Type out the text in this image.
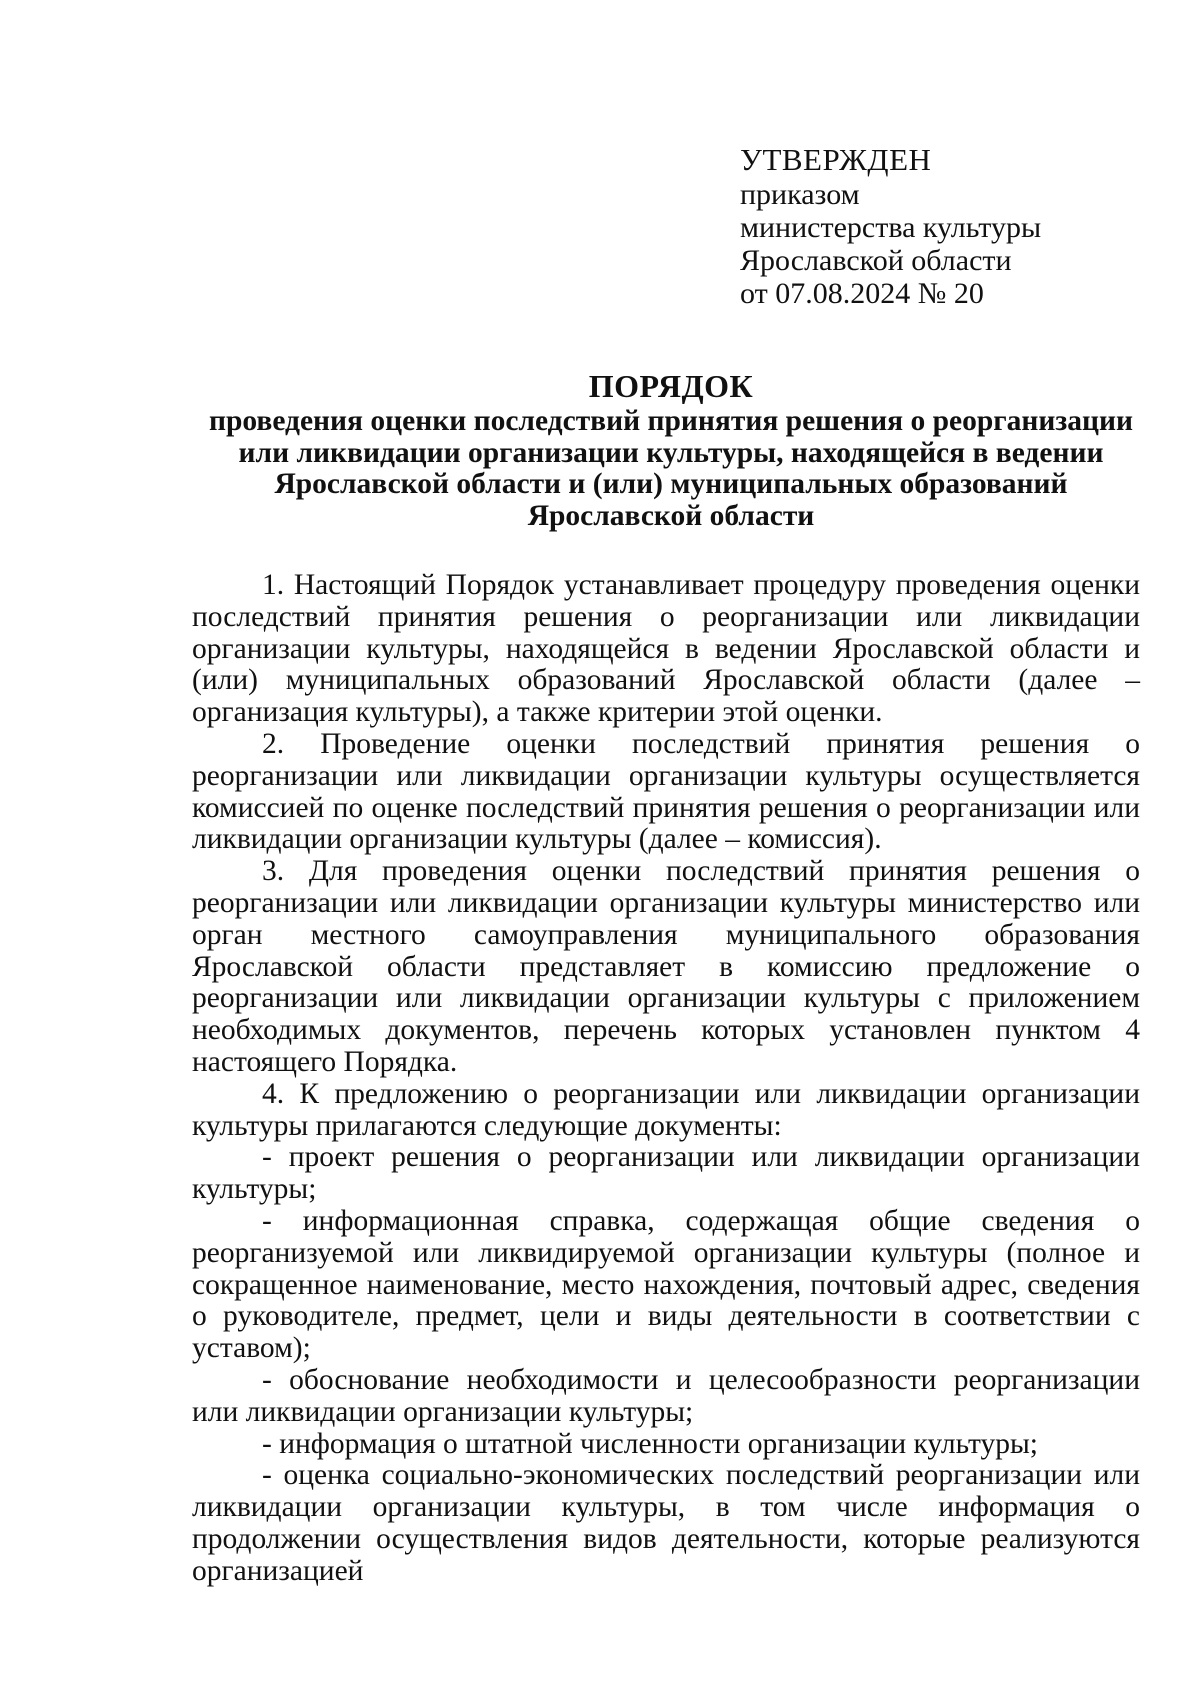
УТВЕРЖДЕН
приказом
министерства культуры
Ярославской области
от 07.08.2024 № 20
ПОРЯДОК
проведения оценки последствий принятия решения о реорганизации или ликвидации организации культуры, находящейся в ведении Ярославской области и (или) муниципальных образований Ярославской области

1. Настоящий Порядок устанавливает процедуру проведения оценки последствий принятия решения о реорганизации или ликвидации организации культуры, находящейся в ведении Ярославской области и (или) муниципальных образований Ярославской области (далее – организация культуры), а также критерии этой оценки.

2. Проведение оценки последствий принятия решения о реорганизации или ликвидации организации культуры осуществляется комиссией по оценке последствий принятия решения о реорганизации или ликвидации организации культуры (далее – комиссия).

3. Для проведения оценки последствий принятия решения о реорганизации или ликвидации организации культуры министерство или орган местного самоуправления муниципального образования Ярославской области представляет в комиссию предложение о реорганизации или ликвидации организации культуры с приложением необходимых документов, перечень которых установлен пунктом 4 настоящего Порядка.

4. К предложению о реорганизации или ликвидации организации культуры прилагаются следующие документы:

- проект решения о реорганизации или ликвидации организации культуры;

- информационная справка, содержащая общие сведения о реорганизуемой или ликвидируемой организации культуры (полное и сокращенное наименование, место нахождения, почтовый адрес, сведения о руководителе, предмет, цели и виды деятельности в соответствии с уставом);

- обоснование необходимости и целесообразности реорганизации или ликвидации организации культуры;

- информация о штатной численности организации культуры;

- оценка социально-экономических последствий реорганизации или ликвидации организации культуры, в том числе информация о продолжении осуществления видов деятельности, которые реализуются организацией
